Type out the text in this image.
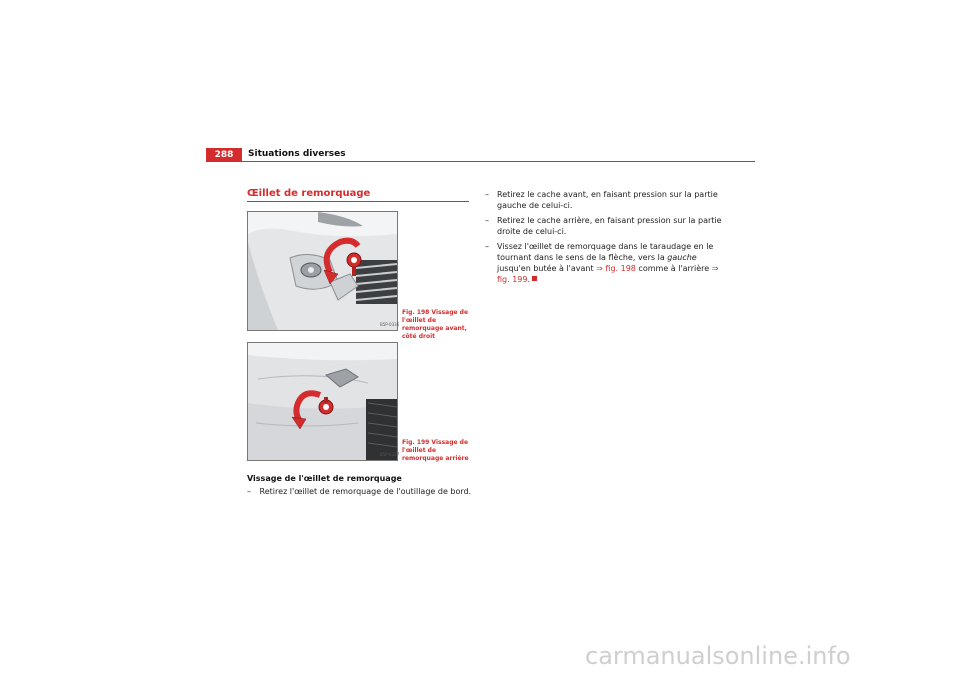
288	Situations diverses
Œillet de remorquage
B5P-0336
Fig. 198 Vissage de l'œillet de remorquage avant, côté droit
B5P-0337
Fig. 199 Vissage de l'œillet de remorquage arrière
Vissage de l'œillet de remorquage
– Retirez l'œillet de remorquage de l'outillage de bord.
– Retirez le cache avant, en faisant pression sur la partie gauche de celui-ci.
– Retirez le cache arrière, en faisant pression sur la partie droite de celui-ci.
– Vissez l'œillet de remorquage dans le taraudage en le tournant dans le sens de la flèche, vers la gauche jusqu'en butée à l'avant ⇒ fig. 198 comme à l'arrière ⇒ fig. 199.
carmanualsonline.info
